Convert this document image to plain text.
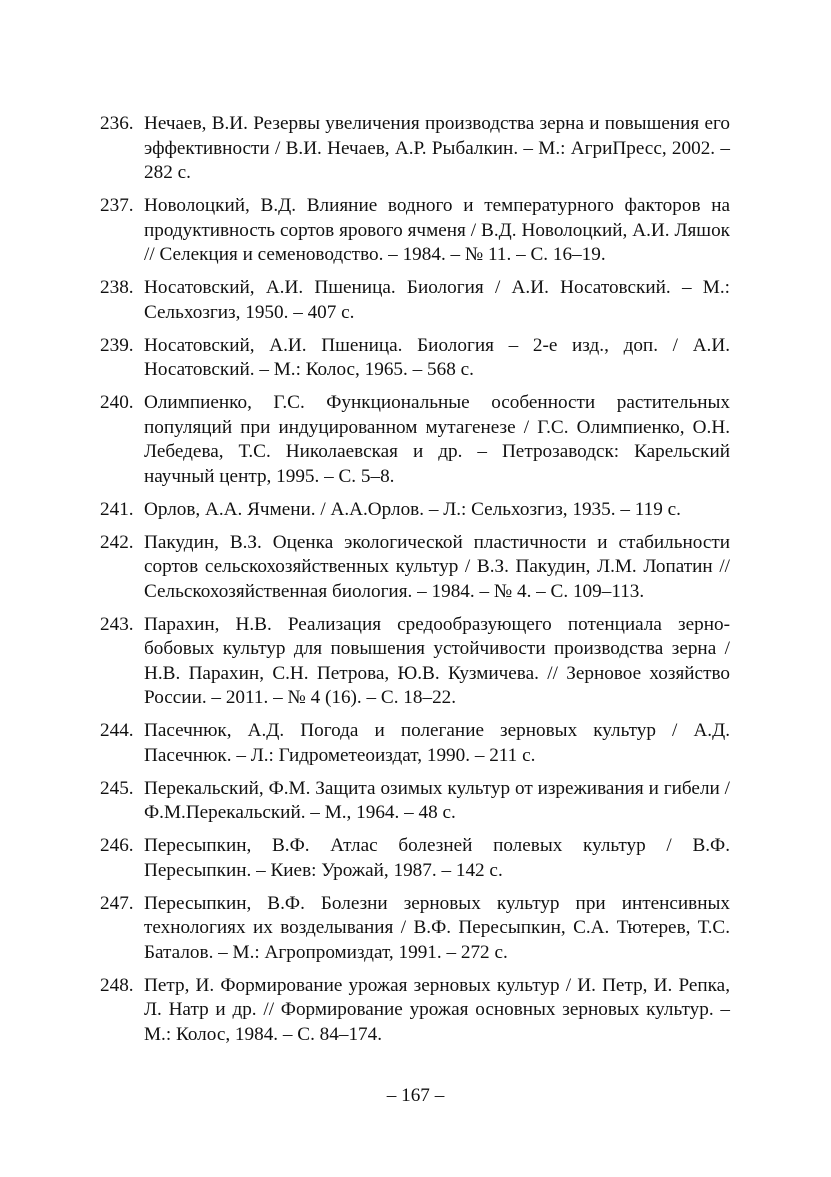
236. Нечаев, В.И. Резервы увеличения производства зерна и повышения его эффективности / В.И. Нечаев, А.Р. Рыбалкин. – М.: АгриПресс, 2002. – 282 с.
237. Новолоцкий, В.Д. Влияние водного и температурного факторов на продуктивность сортов ярового ячменя / В.Д. Новолоцкий, А.И. Ляшок // Селекция и семеноводство. – 1984. – № 11. – С. 16–19.
238. Носатовский, А.И. Пшеница. Биология / А.И. Носатовский. – М.: Сельхозгиз, 1950. – 407 с.
239. Носатовский, А.И. Пшеница. Биология – 2-е изд., доп. / А.И. Носатовский. – М.: Колос, 1965. – 568 с.
240. Олимпиенко, Г.С. Функциональные особенности растительных популяций при индуцированном мутагенезе / Г.С. Олимпиенко, О.Н. Лебедева, Т.С. Николаевская и др. – Петрозаводск: Карельский научный центр, 1995. – С. 5–8.
241. Орлов, А.А. Ячмени. / А.А.Орлов. – Л.: Сельхозгиз, 1935. – 119 с.
242. Пакудин, В.З. Оценка экологической пластичности и стабильности сортов сельскохозяйственных культур / В.З. Пакудин, Л.М. Лопатин // Сельскохозяйственная биология. – 1984. – № 4. – С. 109–113.
243. Парахин, Н.В. Реализация средообразующего потенциала зернобобовых культур для повышения устойчивости производства зерна / Н.В. Парахин, С.Н. Петрова, Ю.В. Кузмичева. // Зерновое хозяйство России. – 2011. – № 4 (16). – С. 18–22.
244. Пасечнюк, А.Д. Погода и полегание зерновых культур / А.Д. Пасечнюк. – Л.: Гидрометеоиздат, 1990. – 211 с.
245. Перекальский, Ф.М. Защита озимых культур от изреживания и гибели / Ф.М.Перекальский. – М., 1964. – 48 с.
246. Пересыпкин, В.Ф. Атлас болезней полевых культур / В.Ф. Пересыпкин. – Киев: Урожай, 1987. – 142 с.
247. Пересыпкин, В.Ф. Болезни зерновых культур при интенсивных технологиях их возделывания / В.Ф. Пересыпкин, С.А. Тютерев, Т.С. Баталов. – М.: Агропромиздат, 1991. – 272 с.
248. Петр, И. Формирование урожая зерновых культур / И. Петр, И. Репка, Л. Натр и др. // Формирование урожая основных зерновых культур. – М.: Колос, 1984. – С. 84–174.
– 167 –
